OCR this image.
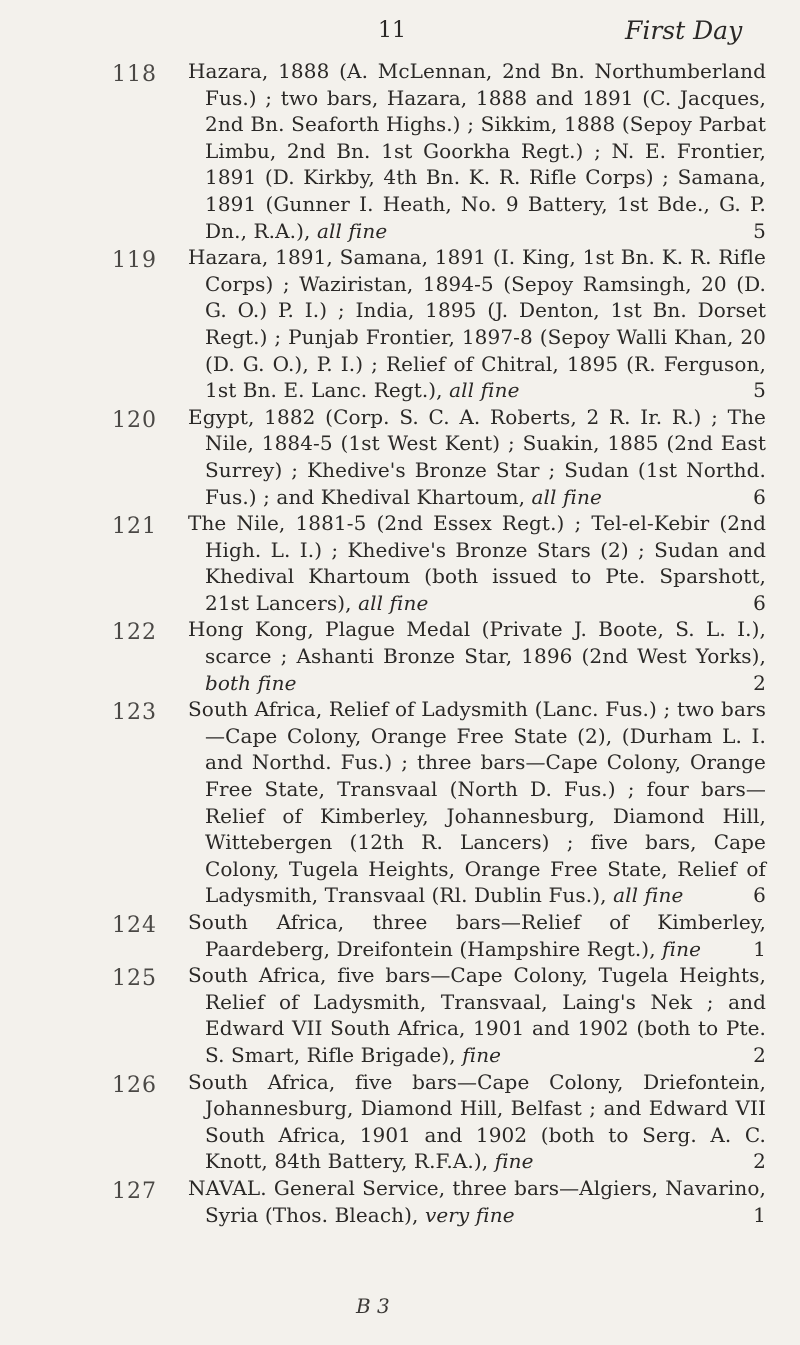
11	First Day
118	Hazara, 1888 (A. McLennan, 2nd Bn. Northumberland Fus.) ; two bars, Hazara, 1888 and 1891 (C. Jacques, 2nd Bn. Seaforth Highs.) ; Sikkim, 1888 (Sepoy Parbat Limbu, 2nd Bn. 1st Goorkha Regt.) ; N. E. Frontier, 1891 (D. Kirkby, 4th Bn. K. R. Rifle Corps) ; Samana, 1891 (Gunner I. Heath, No. 9 Battery, 1st Bde., G. P. Dn., R.A.), all fine	5
119	Hazara, 1891, Samana, 1891 (I. King, 1st Bn. K. R. Rifle Corps) ; Waziristan, 1894-5 (Sepoy Ramsingh, 20 (D. G. O.) P. I.) ; India, 1895 (J. Denton, 1st Bn. Dorset Regt.) ; Punjab Frontier, 1897-8 (Sepoy Walli Khan, 20 (D. G. O.), P. I.) ; Relief of Chitral, 1895 (R. Ferguson, 1st Bn. E. Lanc. Regt.), all fine	5
120	Egypt, 1882 (Corp. S. C. A. Roberts, 2 R. Ir. R.) ; The Nile, 1884-5 (1st West Kent) ; Suakin, 1885 (2nd East Surrey) ; Khedive's Bronze Star ; Sudan (1st Northd. Fus.) ; and Khedival Khartoum, all fine	6
121	The Nile, 1881-5 (2nd Essex Regt.) ; Tel-el-Kebir (2nd High. L. I.) ; Khedive's Bronze Stars (2) ; Sudan and Khedival Khartoum (both issued to Pte. Sparshott, 21st Lancers), all fine	6
122	Hong Kong, Plague Medal (Private J. Boote, S. L. I.), scarce ; Ashanti Bronze Star, 1896 (2nd West Yorks), both fine	2
123	South Africa, Relief of Ladysmith (Lanc. Fus.) ; two bars—Cape Colony, Orange Free State (2), (Durham L. I. and Northd. Fus.) ; three bars—Cape Colony, Orange Free State, Transvaal (North D. Fus.) ; four bars—Relief of Kimberley, Johannesburg, Diamond Hill, Wittebergen (12th R. Lancers) ; five bars, Cape Colony, Tugela Heights, Orange Free State, Relief of Ladysmith, Transvaal (Rl. Dublin Fus.), all fine	6
124	South Africa, three bars—Relief of Kimberley, Paardeberg, Dreifontein (Hampshire Regt.), fine	1
125	South Africa, five bars—Cape Colony, Tugela Heights, Relief of Ladysmith, Transvaal, Laing's Nek ; and Edward VII South Africa, 1901 and 1902 (both to Pte. S. Smart, Rifle Brigade), fine	2
126	South Africa, five bars—Cape Colony, Driefontein, Johannesburg, Diamond Hill, Belfast ; and Edward VII South Africa, 1901 and 1902 (both to Serg. A. C. Knott, 84th Battery, R.F.A.), fine	2
127	NAVAL. General Service, three bars—Algiers, Navarino, Syria (Thos. Bleach), very fine	1
B 3
